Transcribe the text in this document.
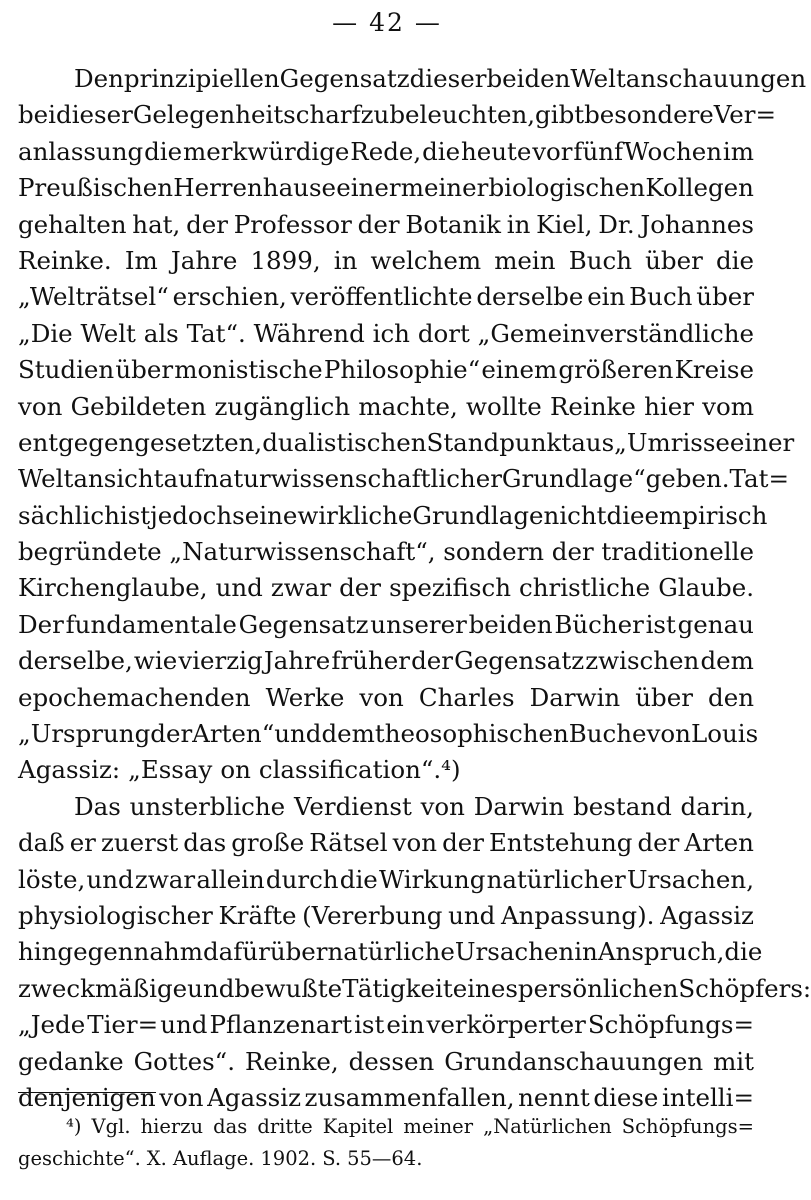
— 42 —
Den prinzipiellen Gegensatz dieser beiden Weltanschauungen
bei dieser Gelegenheit scharf zu beleuchten, gibt besondere Ver=
anlassung die merkwürdige Rede, die heute vor fünf Wochen im
Preußischen Herrenhause einer meiner biologischen Kollegen
gehalten hat, der Professor der Botanik in Kiel, Dr. Johannes
Reinke. Im Jahre 1899, in welchem mein Buch über die
„Welträtsel“ erschien, veröffentlichte derselbe ein Buch über
„Die Welt als Tat“. Während ich dort „Gemeinverständliche
Studien über monistische Philosophie“ einem größeren Kreise
von Gebildeten zugänglich machte, wollte Reinke hier vom
entgegengesetzten, dualistischen Standpunkt aus „Umrisse einer
Weltansicht auf naturwissenschaftlicher Grundlage“ geben. Tat=
sächlich ist jedoch seine wirkliche Grundlage nicht die empirisch
begründete „Naturwissenschaft“, sondern der traditionelle
Kirchenglaube, und zwar der spezifisch christliche Glaube.
Der fundamentale Gegensatz unserer beiden Bücher ist genau
derselbe, wie vierzig Jahre früher der Gegensatz zwischen dem
epochemachenden Werke von Charles Darwin über den
„Ursprung der Arten“ und dem theosophischen Buche von Louis
Agassiz: „Essay on classification“.⁴)
Das unsterbliche Verdienst von Darwin bestand darin,
daß er zuerst das große Rätsel von der Entstehung der Arten
löste, und zwar allein durch die Wirkung natürlicher Ursachen,
physiologischer Kräfte (Vererbung und Anpassung). Agassiz
hingegen nahm dafür übernatürliche Ursachen in Anspruch, die
zweckmäßige und bewußte Tätigkeit eines persönlichen Schöpfers:
„Jede Tier= und Pflanzenart ist ein verkörperter Schöpfungs=
gedanke Gottes“. Reinke, dessen Grundanschauungen mit
denjenigen von Agassiz zusammenfallen, nennt diese intelli=
⁴) Vgl. hierzu das dritte Kapitel meiner „Natürlichen Schöpfungs=
geschichte“. X. Auflage. 1902. S. 55—64.
